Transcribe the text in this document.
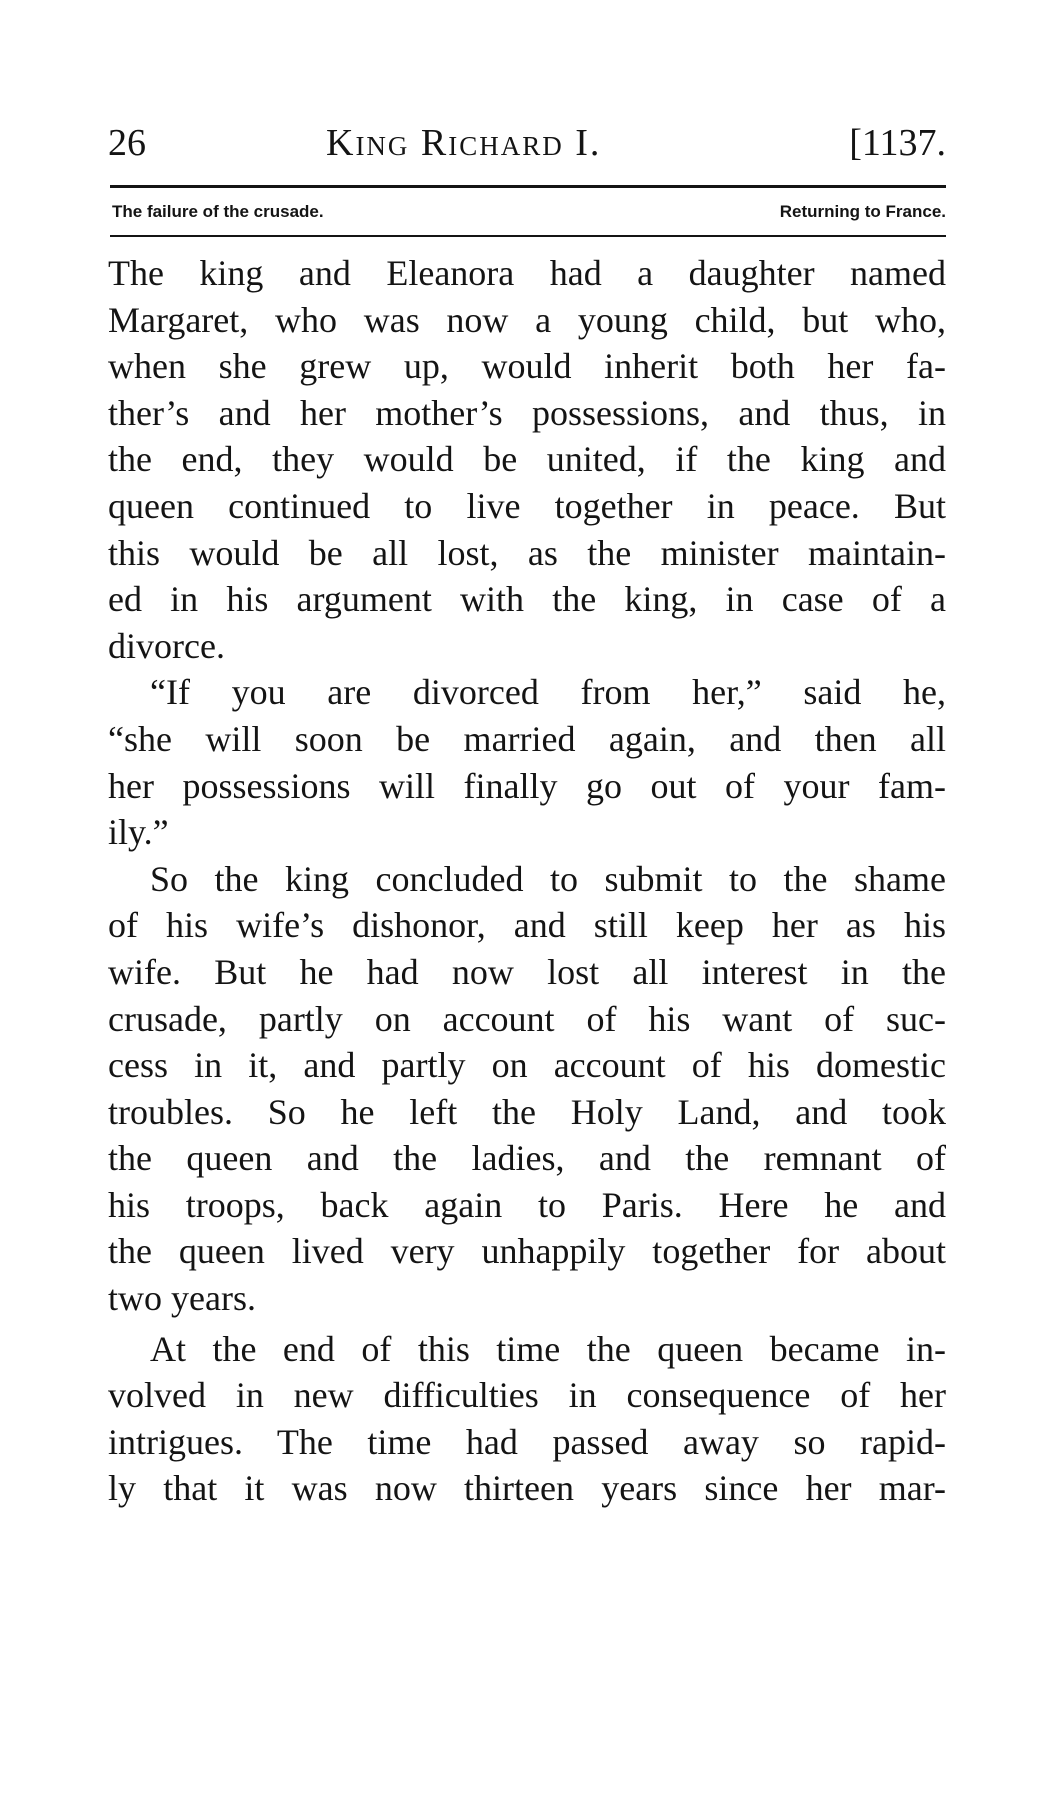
26	King Richard I.	[1137.
The failure of the crusade.	Returning to France.
The king and Eleanora had a daughter named
Margaret, who was now a young child, but who,
when she grew up, would inherit both her fa-
ther’s and her mother’s possessions, and thus, in
the end, they would be united, if the king and
queen continued to live together in peace. But
this would be all lost, as the minister maintain-
ed in his argument with the king, in case of a
divorce.
“If you are divorced from her,” said he,
“she will soon be married again, and then all
her possessions will finally go out of your fam-
ily.”
So the king concluded to submit to the shame
of his wife’s dishonor, and still keep her as his
wife. But he had now lost all interest in the
crusade, partly on account of his want of suc-
cess in it, and partly on account of his domestic
troubles. So he left the Holy Land, and took
the queen and the ladies, and the remnant of
his troops, back again to Paris. Here he and
the queen lived very unhappily together for about
two years.
At the end of this time the queen became in-
volved in new difficulties in consequence of her
intrigues. The time had passed away so rapid-
ly that it was now thirteen years since her mar-
